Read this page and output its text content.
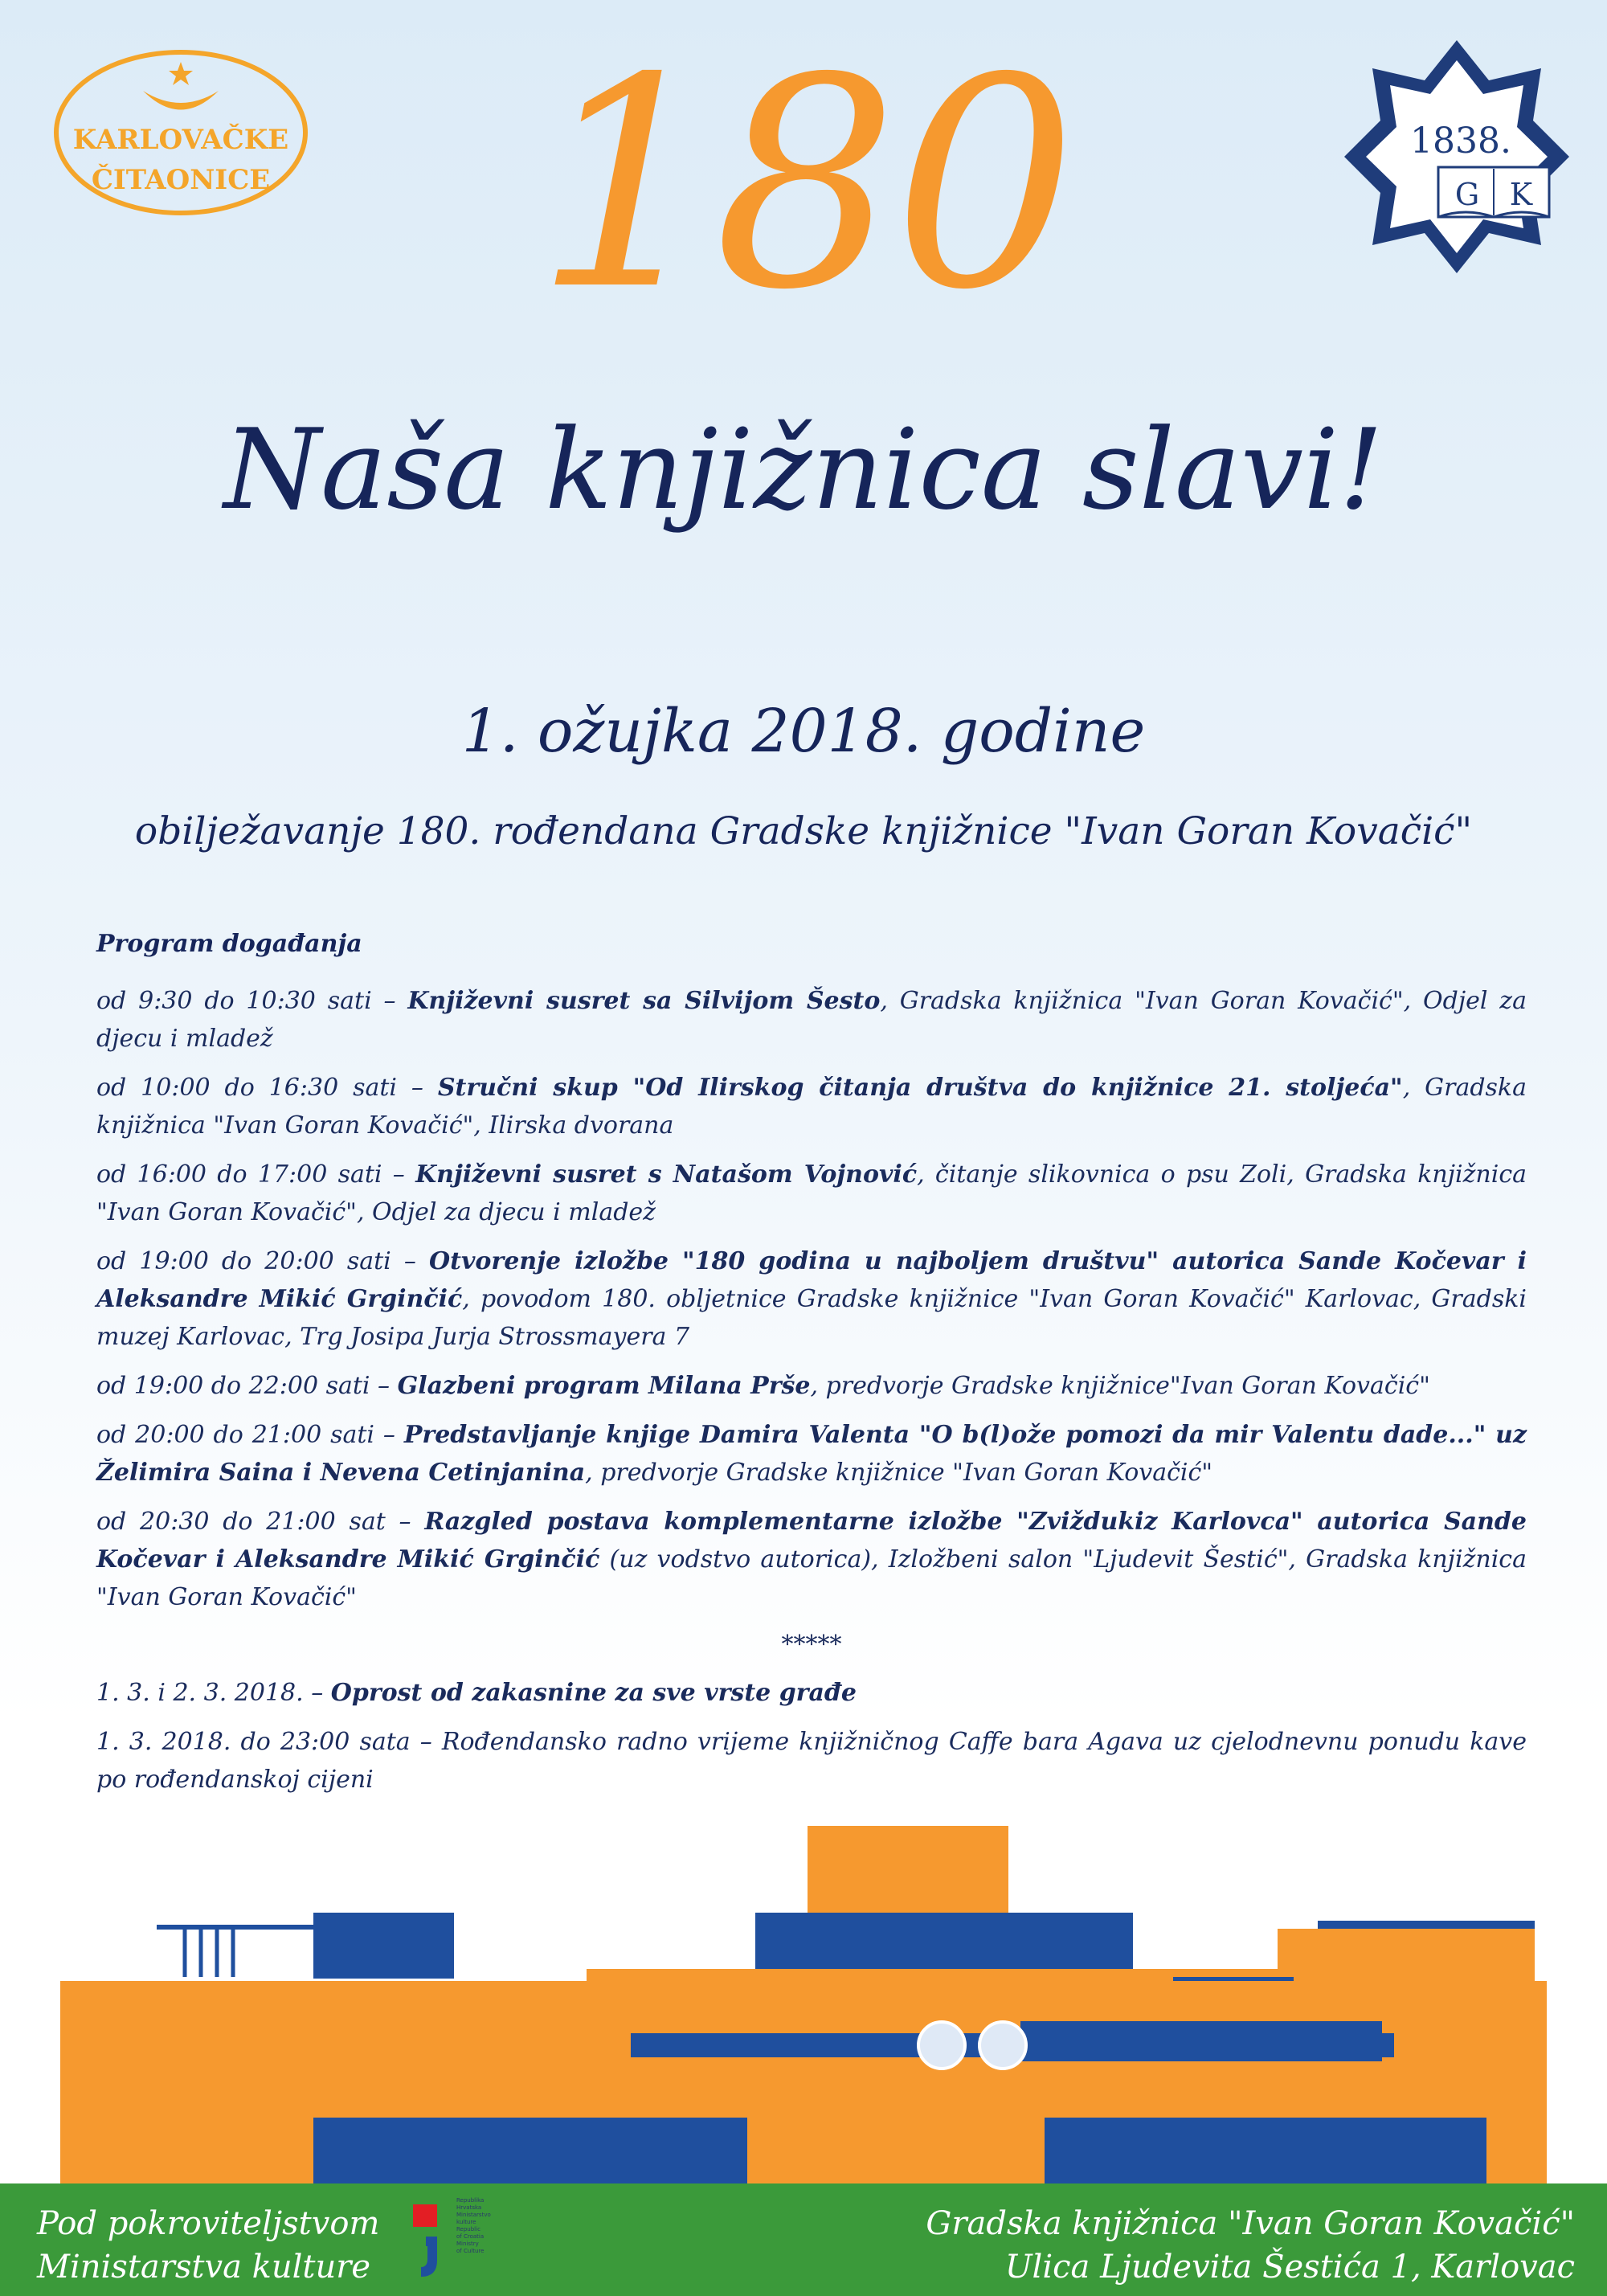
KARLOVAČKE
ČITAONICE
1838.
G K
180
Naša knjižnica slavi!
1. ožujka 2018. godine
obilježavanje 180. rođendana Gradske knjižnice "Ivan Goran Kovačić"
Program događanja
od 9:30 do 10:30 sati – Književni susret sa Silvijom Šesto, Gradska knjižnica "Ivan Goran Kovačić", Odjel za djecu i mladež
od 10:00 do 16:30 sati – Stručni skup "Od Ilirskog čitanja društva do knjižnice 21. stoljeća", Gradska knjižnica "Ivan Goran Kovačić", Ilirska dvorana
od 16:00 do 17:00 sati – Književni susret s Natašom Vojnović, čitanje slikovnica o psu Zoli, Gradska knjižnica "Ivan Goran Kovačić", Odjel za djecu i mladež
od 19:00 do 20:00 sati – Otvorenje izložbe "180 godina u najboljem društvu" autorica Sande Kočevar i Aleksandre Mikić Grginčić, povodom 180. obljetnice Gradske knjižnice "Ivan Goran Kovačić" Karlovac, Gradski muzej Karlovac, Trg Josipa Jurja Strossmayera 7
od 19:00 do 22:00 sati – Glazbeni program Milana Prše, predvorje Gradske knjižnice"Ivan Goran Kovačić"
od 20:00 do 21:00 sati – Predstavljanje knjige Damira Valenta "O b(l)ože pomozi da mir Valentu dade..." uz Želimira Saina i Nevena Cetinjanina, predvorje Gradske knjižnice "Ivan Goran Kovačić"
od 20:30 do 21:00 sat – Razgled postava komplementarne izložbe "Zviždukiz Karlovca" autorica Sande Kočevar i Aleksandre Mikić Grginčić (uz vodstvo autorica), Izložbeni salon "Ljudevit Šestić", Gradska knjižnica "Ivan Goran Kovačić"
*****
1. 3. i 2. 3. 2018. – Oprost od zakasnine za sve vrste građe
1. 3. 2018. do 23:00 sata – Rođendansko radno vrijeme knjižničnog Caffe bara Agava uz cjelodnevnu ponudu kave po rođendanskoj cijeni
Pod pokroviteljstvom
Ministarstva kulture
Republika
Hrvatska
Ministarstvo
kulture
Republic
of Croatia
Ministry
of Culture
Gradska knjižnica "Ivan Goran Kovačić"
Ulica Ljudevita Šestića 1, Karlovac
